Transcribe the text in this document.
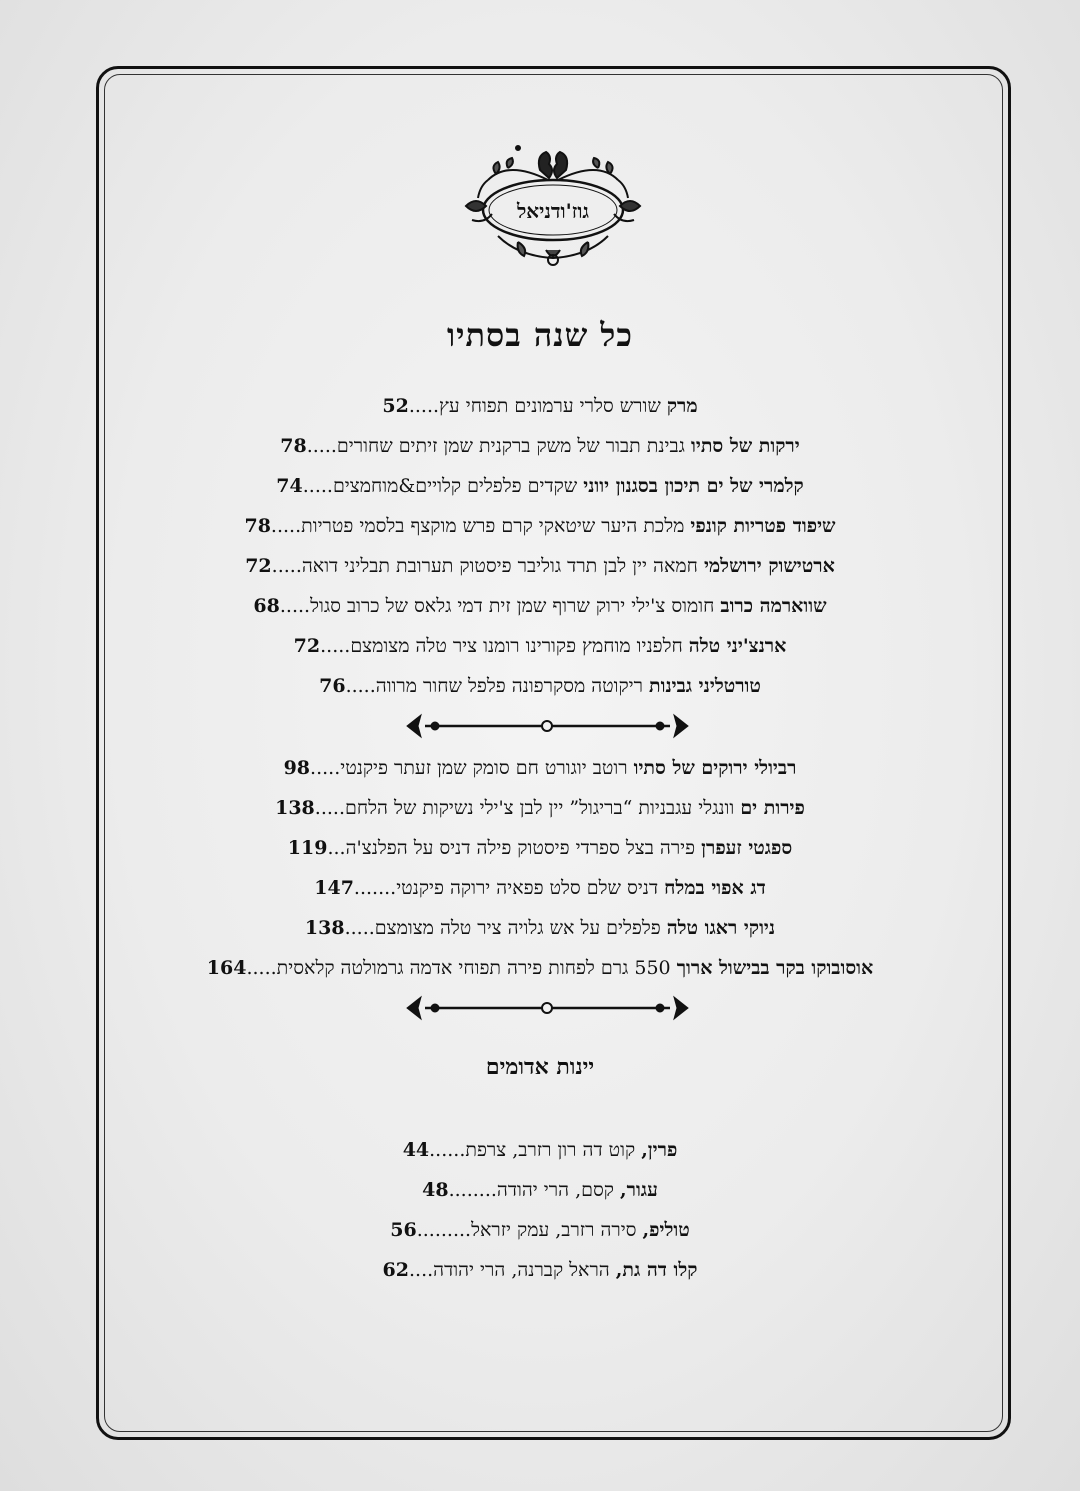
גוז'ודניאל
כל שנה בסתיו
מרק שורש סלרי ערמונים תפוחי עץ.....52
ירקות של סתיו גבינת תבור של משק ברקנית שמן זיתים שחורים.....78
קלמרי של ים תיכון בסגנון יווני שקדים פלפלים קלויים&מוחמצים.....74
שיפוד פטריות קונפי מלכת היער שיטאקי קרם פרש מוקצף בלסמי פטריות.....78
ארטישוק ירושלמי חמאה יין לבן תרד גוליבר פיסטוק תערובת תבליני דואה.....72
שווארמה כרוב חומוס צ'ילי ירוק שרוף שמן זית דמי גלאס של כרוב סגול.....68
ארנצ'יני טלה חלפניו מוחמץ פקורינו רומנו ציר טלה מצומצם.....72
טורטליני גבינות ריקוטה מסקרפונה פלפל שחור מרווה.....76
רביולי ירוקים של סתיו רוטב יוגורט חם סומק שמן זעתר פיקנטי.....98
פירות ים וונגלי עגבניות “בריגול” יין לבן צ'ילי נשיקות של הלחם.....138
ספגטי זעפרן פירה בצל ספרדי פיסטוק פילה דניס על הפלנצ'ה...119
דג אפוי במלח דניס שלם סלט פפאיה ירוקה פיקנטי.......147
ניוקי ראגו טלה פלפלים על אש גלויה ציר טלה מצומצם.....138
אוסובוקו בקר בבישול ארוך 550 גרם לפחות פירה תפוחי אדמה גרמולטה קלאסית.....164
יינות אדומים
פרין, קוט דה רון רזרב, צרפת......44
עגור, קסם, הרי יהודה........48
טוליפ, סירה רזרב, עמק יזראל.........56
קלו דה גת, הראל קברנה, הרי יהודה....62
